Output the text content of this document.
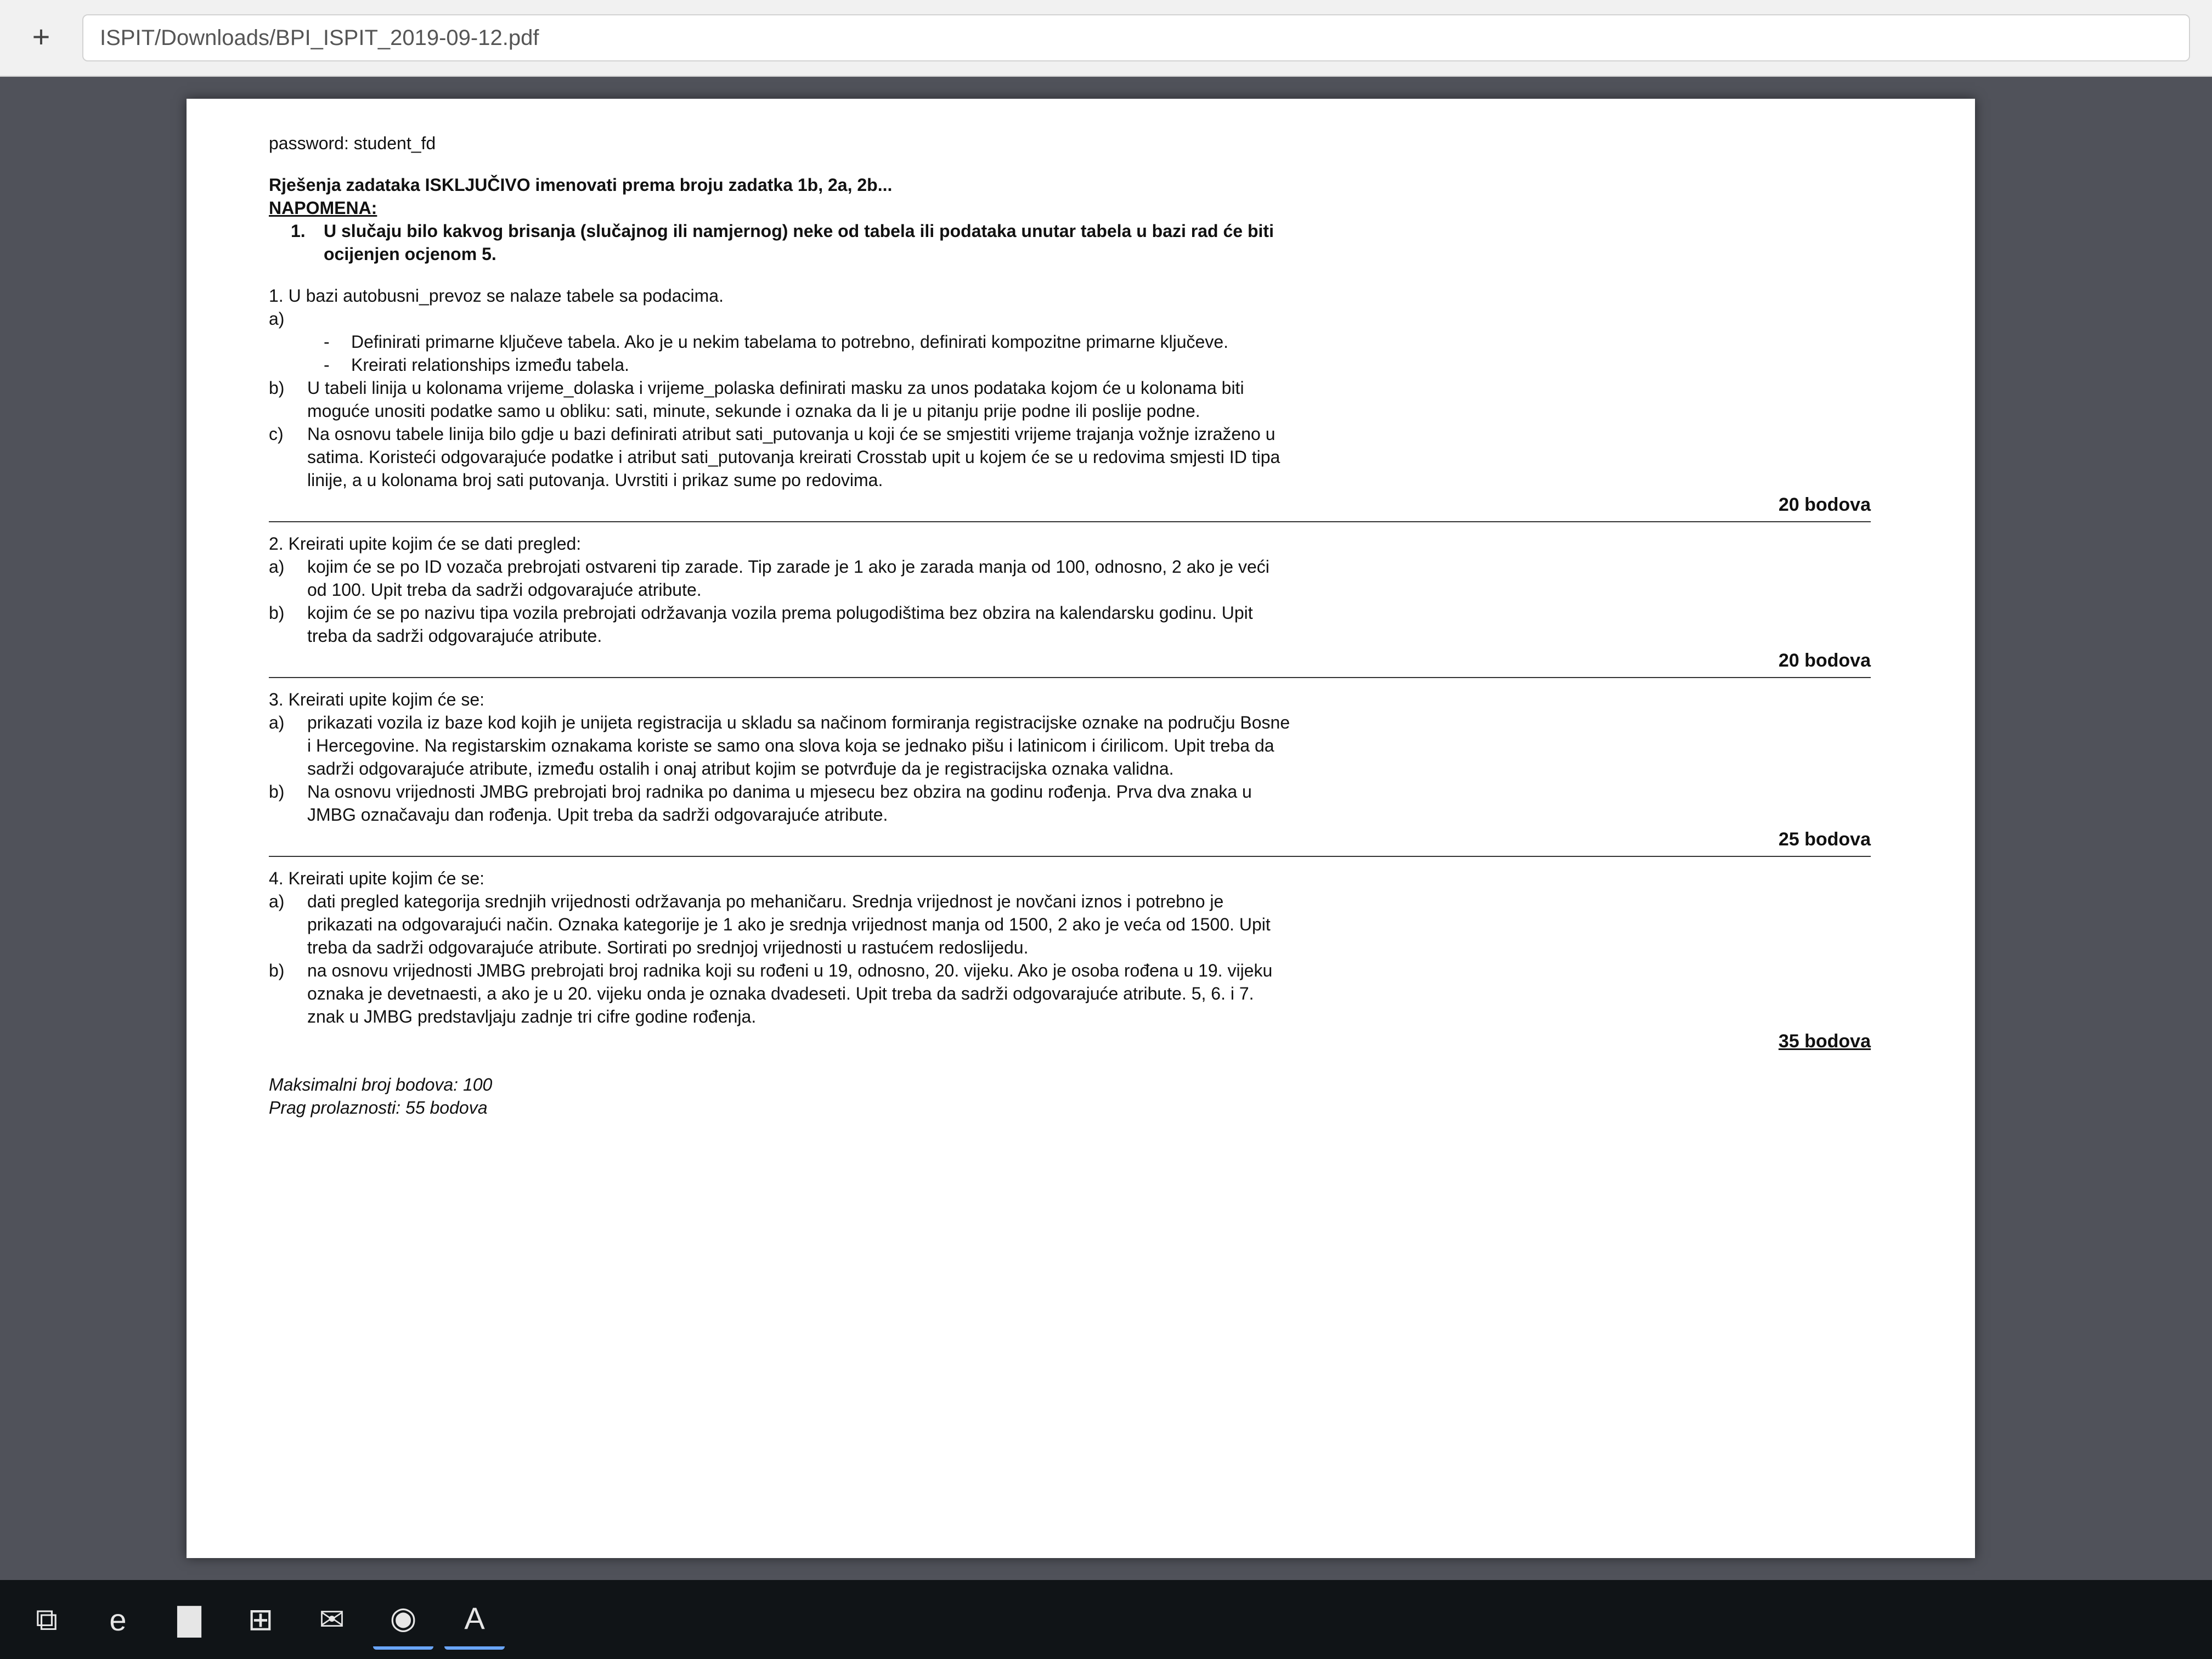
+	ISPIT/Downloads/BPI_ISPIT_2019-09-12.pdf
password: student_fd
Rješenja zadataka ISKLJUČIVO imenovati prema broju zadatka 1b, 2a, 2b...
NAPOMENA:
1.	U slučaju bilo kakvog brisanja (slučajnog ili namjernog) neke od tabela ili podataka unutar tabela u bazi rad će biti
ocijenjen ocjenom 5.
1. U bazi autobusni_prevoz se nalaze tabele sa podacima.
a)
-	Definirati primarne ključeve tabela. Ako je u nekim tabelama to potrebno, definirati kompozitne primarne ključeve.
-	Kreirati relationships između tabela.
b)	U tabeli linija u kolonama vrijeme_dolaska i vrijeme_polaska definirati masku za unos podataka kojom će u kolonama biti
moguće unositi podatke samo u obliku: sati, minute, sekunde i oznaka da li je u pitanju prije podne ili poslije podne.
c)	Na osnovu tabele linija bilo gdje u bazi definirati atribut sati_putovanja u koji će se smjestiti vrijeme trajanja vožnje izraženo u
satima. Koristeći odgovarajuće podatke i atribut sati_putovanja kreirati Crosstab upit u kojem će se u redovima smjesti ID tipa
linije, a u kolonama broj sati putovanja. Uvrstiti i prikaz sume po redovima.
20 bodova
2. Kreirati upite kojim će se dati pregled:
a)	kojim će se po ID vozača prebrojati ostvareni tip zarade. Tip zarade je 1 ako je zarada manja od 100, odnosno, 2 ako je veći
od 100. Upit treba da sadrži odgovarajuće atribute.
b)	kojim će se po nazivu tipa vozila prebrojati održavanja vozila prema polugodištima bez obzira na kalendarsku godinu. Upit
treba da sadrži odgovarajuće atribute.
20 bodova
3. Kreirati upite kojim će se:
a)	prikazati vozila iz baze kod kojih je unijeta registracija u skladu sa načinom formiranja registracijske oznake na području Bosne
i Hercegovine. Na registarskim oznakama koriste se samo ona slova koja se jednako pišu i latinicom i ćirilicom. Upit treba da
sadrži odgovarajuće atribute, između ostalih i onaj atribut kojim se potvrđuje da je registracijska oznaka validna.
b)	Na osnovu vrijednosti JMBG prebrojati broj radnika po danima u mjesecu bez obzira na godinu rođenja. Prva dva znaka u
JMBG označavaju dan rođenja. Upit treba da sadrži odgovarajuće atribute.
25 bodova
4. Kreirati upite kojim će se:
a)	dati pregled kategorija srednjih vrijednosti održavanja po mehaničaru. Srednja vrijednost je novčani iznos i potrebno je
prikazati na odgovarajući način. Oznaka kategorije je 1 ako je srednja vrijednost manja od 1500, 2 ako je veća od 1500. Upit
treba da sadrži odgovarajuće atribute. Sortirati po srednjoj vrijednosti u rastućem redoslijedu.
b)	na osnovu vrijednosti JMBG prebrojati broj radnika koji su rođeni u 19, odnosno, 20. vijeku. Ako je osoba rođena u 19. vijeku
oznaka je devetnaesti, a ako je u 20. vijeku onda je oznaka dvadeseti. Upit treba da sadrži odgovarajuće atribute. 5, 6. i 7.
znak u JMBG predstavljaju zadnje tri cifre godine rođenja.
35 bodova
Maksimalni broj bodova: 100
Prag prolaznosti: 55 bodova
⧉	e	▇	⊞	✉	◉	A
